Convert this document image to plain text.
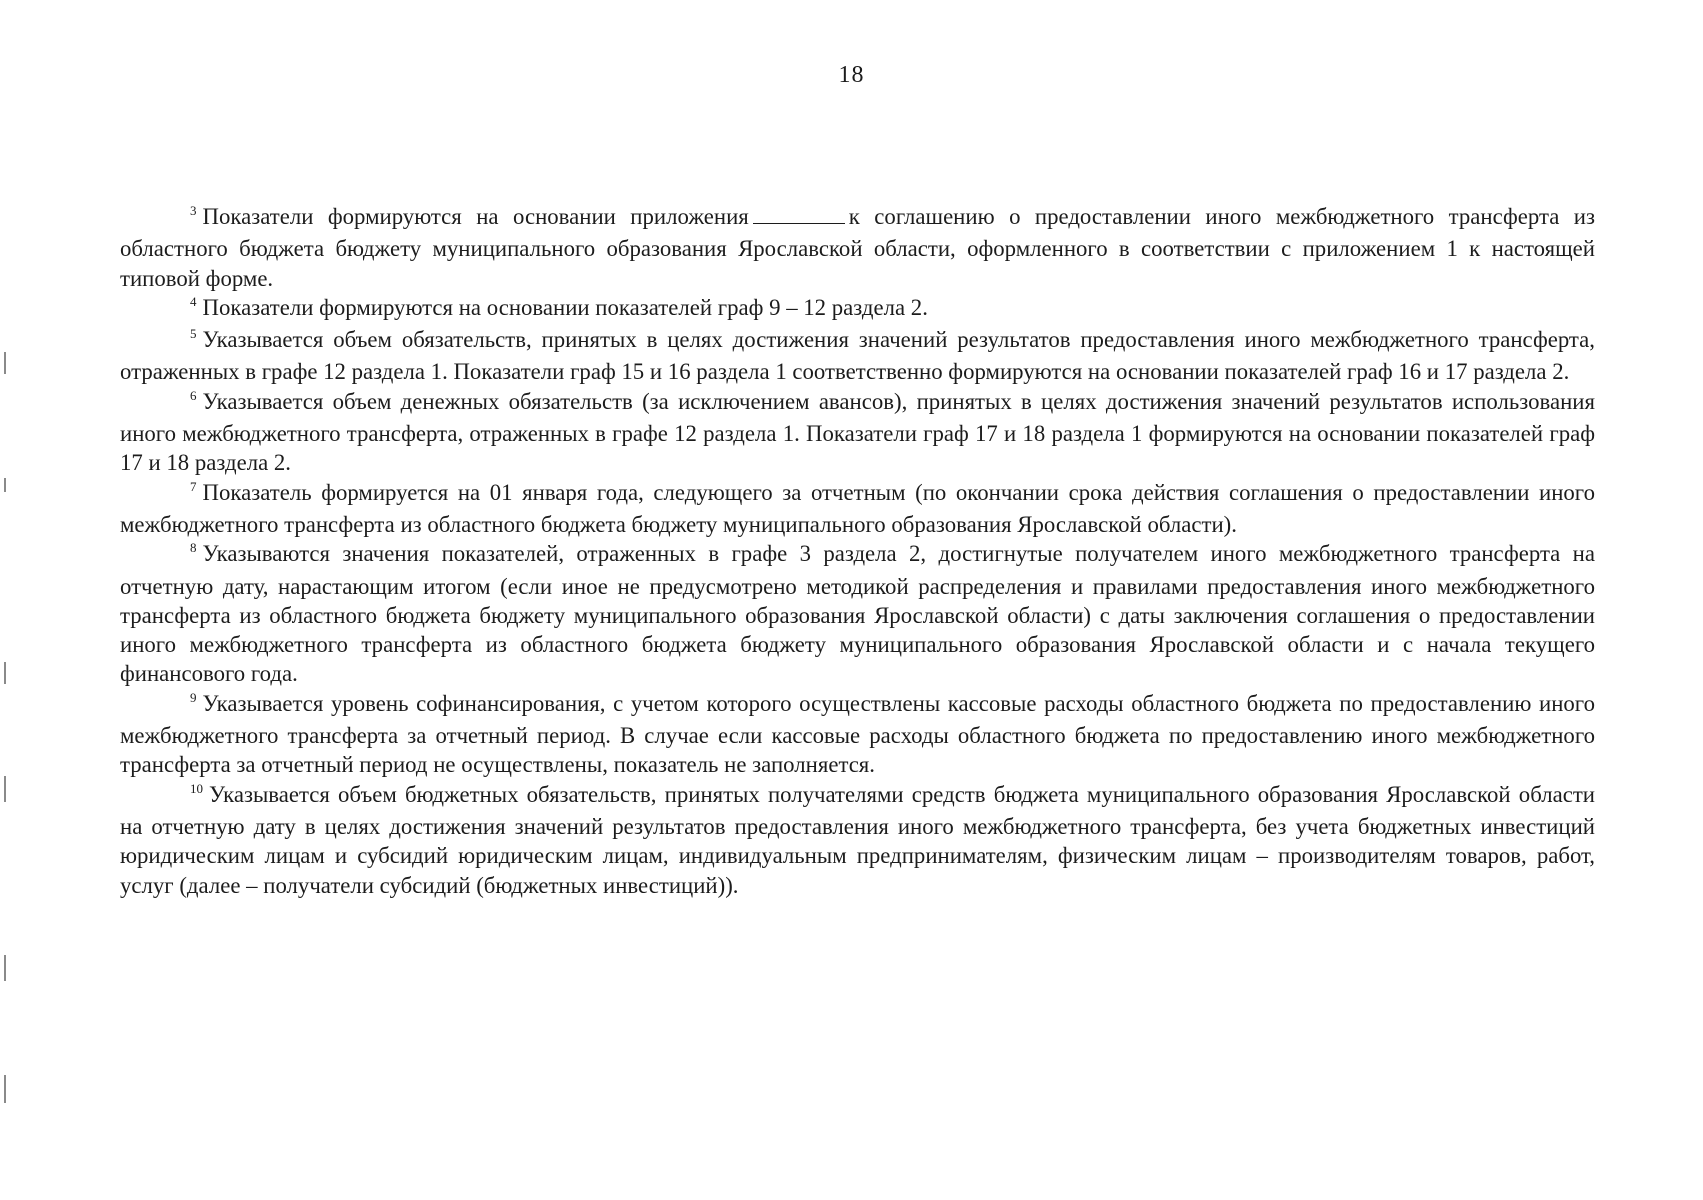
18

$^3$ Показатели формируются на основании приложения	к соглашению о предоставлении иного межбюджетного трансферта из областного бюджета бюджету муниципального образования Ярославской области, оформленного в соответствии с приложением 1 к настоящей типовой форме.

$^4$ Показатели формируются на основании показателей граф 9 – 12 раздела 2.

$^5$ Указывается объем обязательств, принятых в целях достижения значений результатов предоставления иного межбюджетного трансферта, отраженных в графе 12 раздела 1. Показатели граф 15 и 16 раздела 1 соответственно формируются на основании показателей граф 16 и 17 раздела 2.

$^6$ Указывается объем денежных обязательств (за исключением авансов), принятых в целях достижения значений результатов использования иного межбюджетного трансферта, отраженных в графе 12 раздела 1. Показатели граф 17 и 18 раздела 1 формируются на основании показателей граф 17 и 18 раздела 2.

$^7$ Показатель формируется на 01 января года, следующего за отчетным (по окончании срока действия соглашения о предоставлении иного межбюджетного трансферта из областного бюджета бюджету муниципального образования Ярославской области).

$^8$ Указываются значения показателей, отраженных в графе 3 раздела 2, достигнутые получателем иного межбюджетного трансферта на отчетную дату, нарастающим итогом (если иное не предусмотрено методикой распределения и правилами предоставления иного межбюджетного трансферта из областного бюджета бюджету муниципального образования Ярославской области) с даты заключения соглашения о предоставлении иного межбюджетного трансферта из областного бюджета бюджету муниципального образования Ярославской области и с начала текущего финансового года.

$^9$ Указывается уровень софинансирования, с учетом которого осуществлены кассовые расходы областного бюджета по предоставлению иного межбюджетного трансферта за отчетный период. В случае если кассовые расходы областного бюджета по предоставлению иного межбюджетного трансферта за отчетный период не осуществлены, показатель не заполняется.

$^{10}$ Указывается объем бюджетных обязательств, принятых получателями средств бюджета муниципального образования Ярославской области на отчетную дату в целях достижения значений результатов предоставления иного межбюджетного трансферта, без учета бюджетных инвестиций юридическим лицам и субсидий юридическим лицам, индивидуальным предпринимателям, физическим лицам – производителям товаров, работ, услуг (далее – получатели субсидий (бюджетных инвестиций)).
